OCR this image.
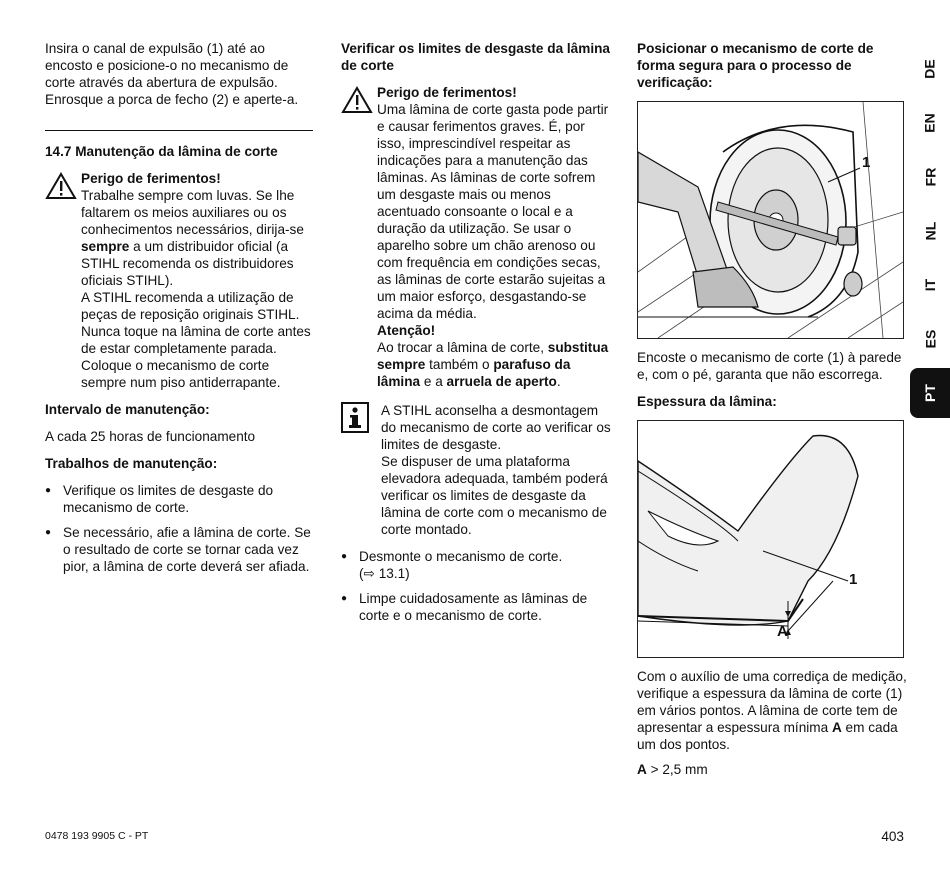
Insira o canal de expulsão (1) até ao encosto e posicione-o no mecanismo de corte através da abertura de expulsão. Enrosque a porca de fecho (2) e aperte-a.

14.7 Manutenção da lâmina de corte

Perigo de ferimentos!

Trabalhe sempre com luvas. Se lhe faltarem os meios auxiliares ou os conhecimentos necessários, dirija-se sempre a um distribuidor oficial (a STIHL recomenda os distribuidores oficiais STIHL).

A STIHL recomenda a utilização de peças de reposição originais STIHL.

Nunca toque na lâmina de corte antes de estar completamente parada.

Coloque o mecanismo de corte sempre num piso antiderrapante.

Intervalo de manutenção:

A cada 25 horas de funcionamento

Trabalhos de manutenção:

● Verifique os limites de desgaste do mecanismo de corte.
● Se necessário, afie a lâmina de corte. Se o resultado de corte se tornar cada vez pior, a lâmina de corte deverá ser afiada.

Verificar os limites de desgaste da lâmina de corte

Perigo de ferimentos!

Uma lâmina de corte gasta pode partir e causar ferimentos graves. É, por isso, imprescindível respeitar as indicações para a manutenção das lâminas. As lâminas de corte sofrem um desgaste mais ou menos acentuado consoante o local e a duração da utilização. Se usar o aparelho sobre um chão arenoso ou com frequência em condições secas, as lâminas de corte estarão sujeitas a um maior esforço, desgastando-se acima da média.

Atenção!

Ao trocar a lâmina de corte, substitua sempre também o parafuso da lâmina e a arruela de aperto.

A STIHL aconselha a desmontagem do mecanismo de corte ao verificar os limites de desgaste.

Se dispuser de uma plataforma elevadora adequada, também poderá verificar os limites de desgaste da lâmina de corte com o mecanismo de corte montado.

● Desmonte o mecanismo de corte.
(⇨ 13.1)
● Limpe cuidadosamente as lâminas de corte e o mecanismo de corte.

Posicionar o mecanismo de corte de forma segura para o processo de verificação:

1

Encoste o mecanismo de corte (1) à parede e, com o pé, garanta que não escorrega.

Espessura da lâmina:

1
A

Com o auxílio de uma corrediça de medição, verifique a espessura da lâmina de corte (1) em vários pontos. A lâmina de corte tem de apresentar a espessura mínima A em cada um dos pontos.

A > 2,5 mm

DE
EN
FR
NL
IT
ES
PT
0478 193 9905 C - PT	403
